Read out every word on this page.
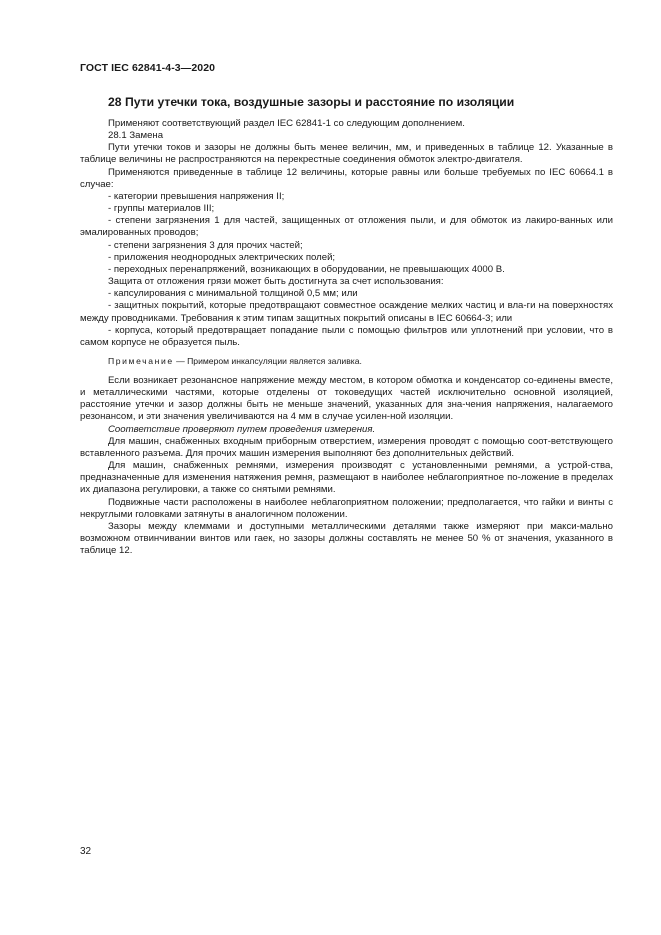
ГОСТ IEC 62841-4-3—2020
28 Пути утечки тока, воздушные зазоры и расстояние по изоляции

Применяют соответствующий раздел IEC 62841-1 со следующим дополнением.

28.1 Замена

Пути утечки токов и зазоры не должны быть менее величин, мм, и приведенных в таблице 12. Указанные в таблице величины не распространяются на перекрестные соединения обмоток электро-двигателя.

Применяются приведенные в таблице 12 величины, которые равны или больше требуемых по IEC 60664.1 в случае:

- категории превышения напряжения II;

- группы материалов III;

- степени загрязнения 1 для частей, защищенных от отложения пыли, и для обмоток из лакиро-ванных или эмалированных проводов;

- степени загрязнения 3 для прочих частей;

- приложения неоднородных электрических полей;

- переходных перенапряжений, возникающих в оборудовании, не превышающих 4000 В.

Защита от отложения грязи может быть достигнута за счет использования:

- капсулирования с минимальной толщиной 0,5 мм; или

- защитных покрытий, которые предотвращают совместное осаждение мелких частиц и вла-ги на поверхностях между проводниками. Требования к этим типам защитных покрытий описаны в IEC 60664-3; или

- корпуса, который предотвращает попадание пыли с помощью фильтров или уплотнений при условии, что в самом корпусе не образуется пыль.

Примечание — Примером инкапсуляции является заливка.

Если возникает резонансное напряжение между местом, в котором обмотка и конденсатор со-единены вместе, и металлическими частями, которые отделены от токоведущих частей исключительно основной изоляцией, расстояние утечки и зазор должны быть не меньше значений, указанных для зна-чения напряжения, налагаемого резонансом, и эти значения увеличиваются на 4 мм в случае усилен-ной изоляции.

Соответствие проверяют путем проведения измерения.

Для машин, снабженных входным приборным отверстием, измерения проводят с помощью соот-ветствующего вставленного разъема. Для прочих машин измерения выполняют без дополнительных действий.

Для машин, снабженных ремнями, измерения производят с установленными ремнями, а устрой-ства, предназначенные для изменения натяжения ремня, размещают в наиболее неблагоприятное по-ложение в пределах их диапазона регулировки, а также со снятыми ремнями.

Подвижные части расположены в наиболее неблагоприятном положении; предполагается, что гайки и винты с некруглыми головками затянуты в аналогичном положении.

Зазоры между клеммами и доступными металлическими деталями также измеряют при макси-мально возможном отвинчивании винтов или гаек, но зазоры должны составлять не менее 50 % от значения, указанного в таблице 12.

32
